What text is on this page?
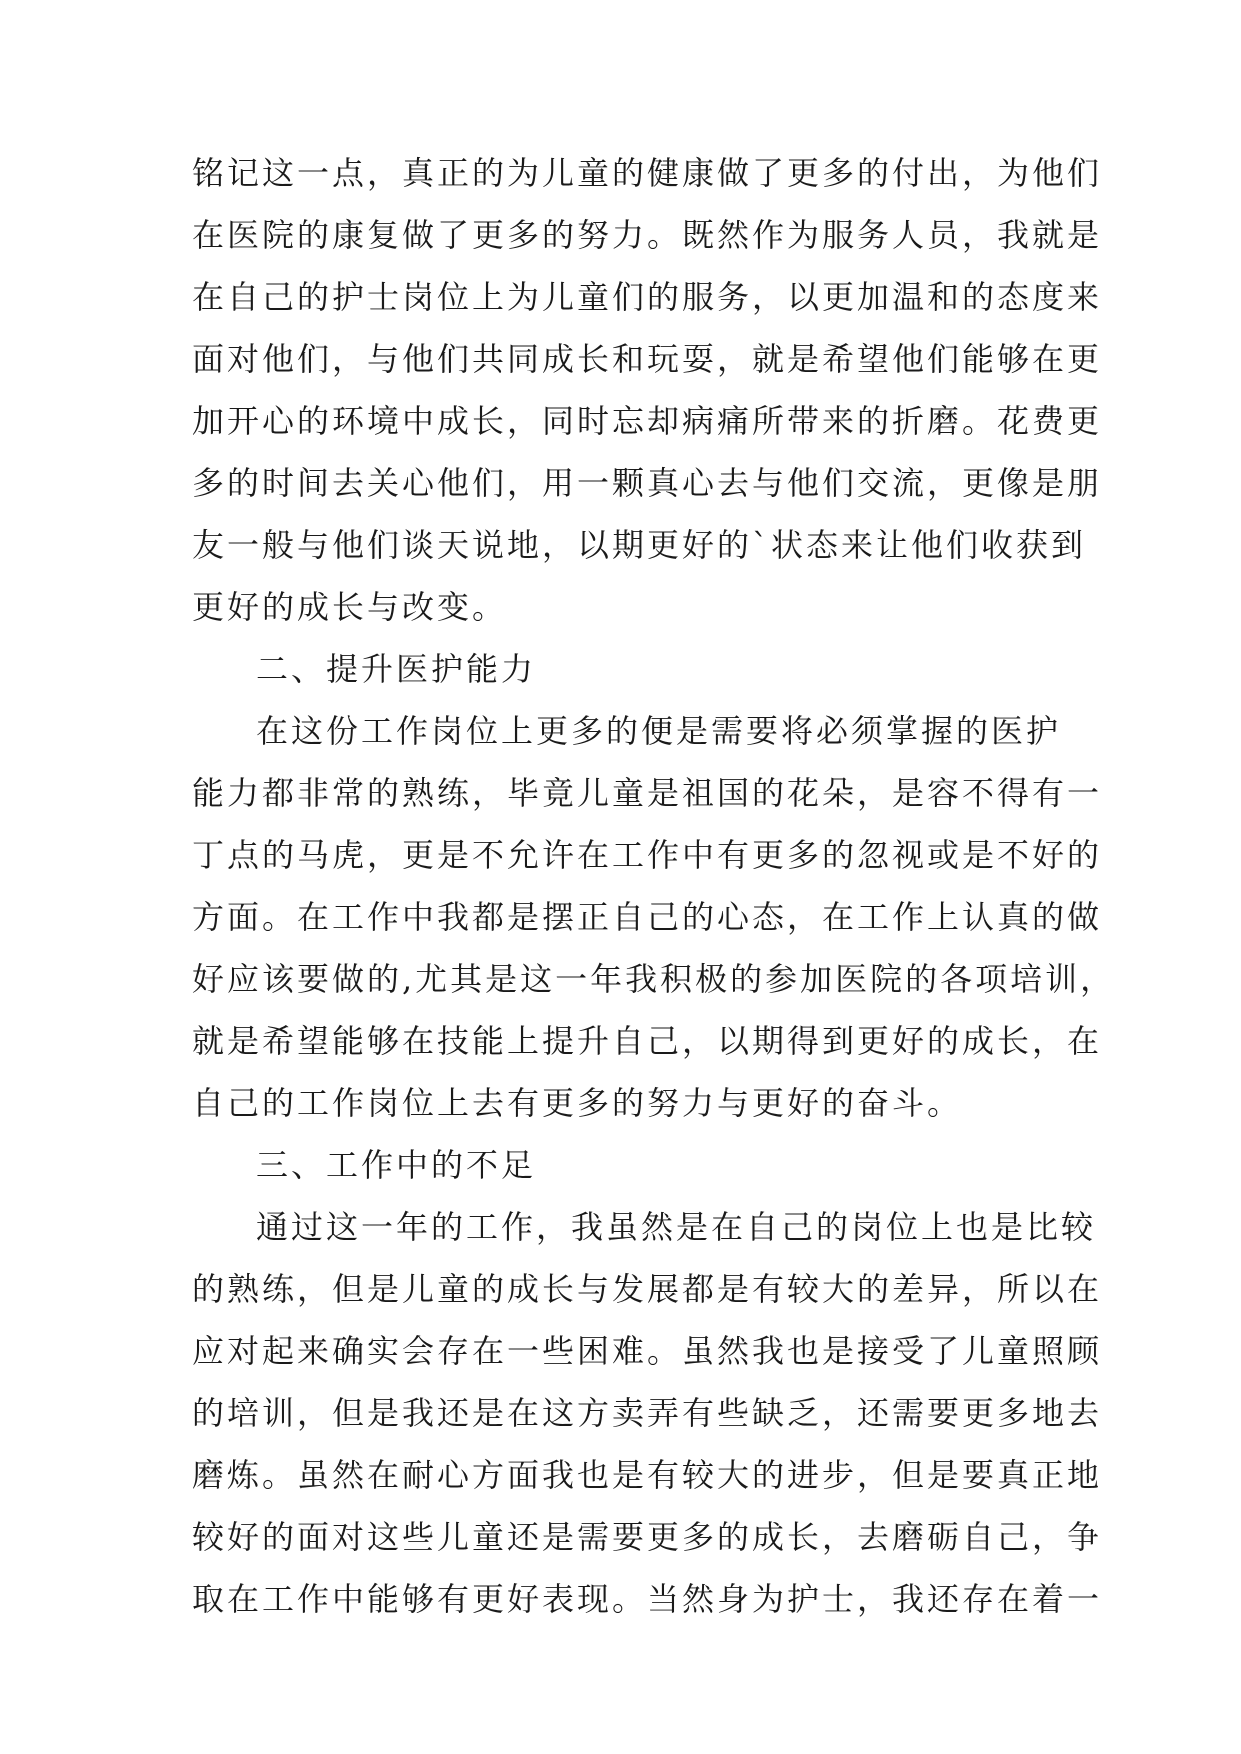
铭记这一点，真正的为儿童的健康做了更多的付出，为他们
在医院的康复做了更多的努力。既然作为服务人员，我就是
在自己的护士岗位上为儿童们的服务，以更加温和的态度来
面对他们，与他们共同成长和玩耍，就是希望他们能够在更
加开心的环境中成长，同时忘却病痛所带来的折磨。花费更
多的时间去关心他们，用一颗真心去与他们交流，更像是朋
友一般与他们谈天说地，以期更好的`状态来让他们收获到
更好的成长与改变。
二、提升医护能力
在这份工作岗位上更多的便是需要将必须掌握的医护
能力都非常的熟练，毕竟儿童是祖国的花朵，是容不得有一
丁点的马虎，更是不允许在工作中有更多的忽视或是不好的
方面。在工作中我都是摆正自己的心态，在工作上认真的做
好应该要做的,尤其是这一年我积极的参加医院的各项培训，
就是希望能够在技能上提升自己，以期得到更好的成长，在
自己的工作岗位上去有更多的努力与更好的奋斗。
三、工作中的不足
通过这一年的工作，我虽然是在自己的岗位上也是比较
的熟练，但是儿童的成长与发展都是有较大的差异，所以在
应对起来确实会存在一些困难。虽然我也是接受了儿童照顾
的培训，但是我还是在这方卖弄有些缺乏，还需要更多地去
磨炼。虽然在耐心方面我也是有较大的进步，但是要真正地
较好的面对这些儿童还是需要更多的成长，去磨砺自己，争
取在工作中能够有更好表现。当然身为护士，我还存在着一
